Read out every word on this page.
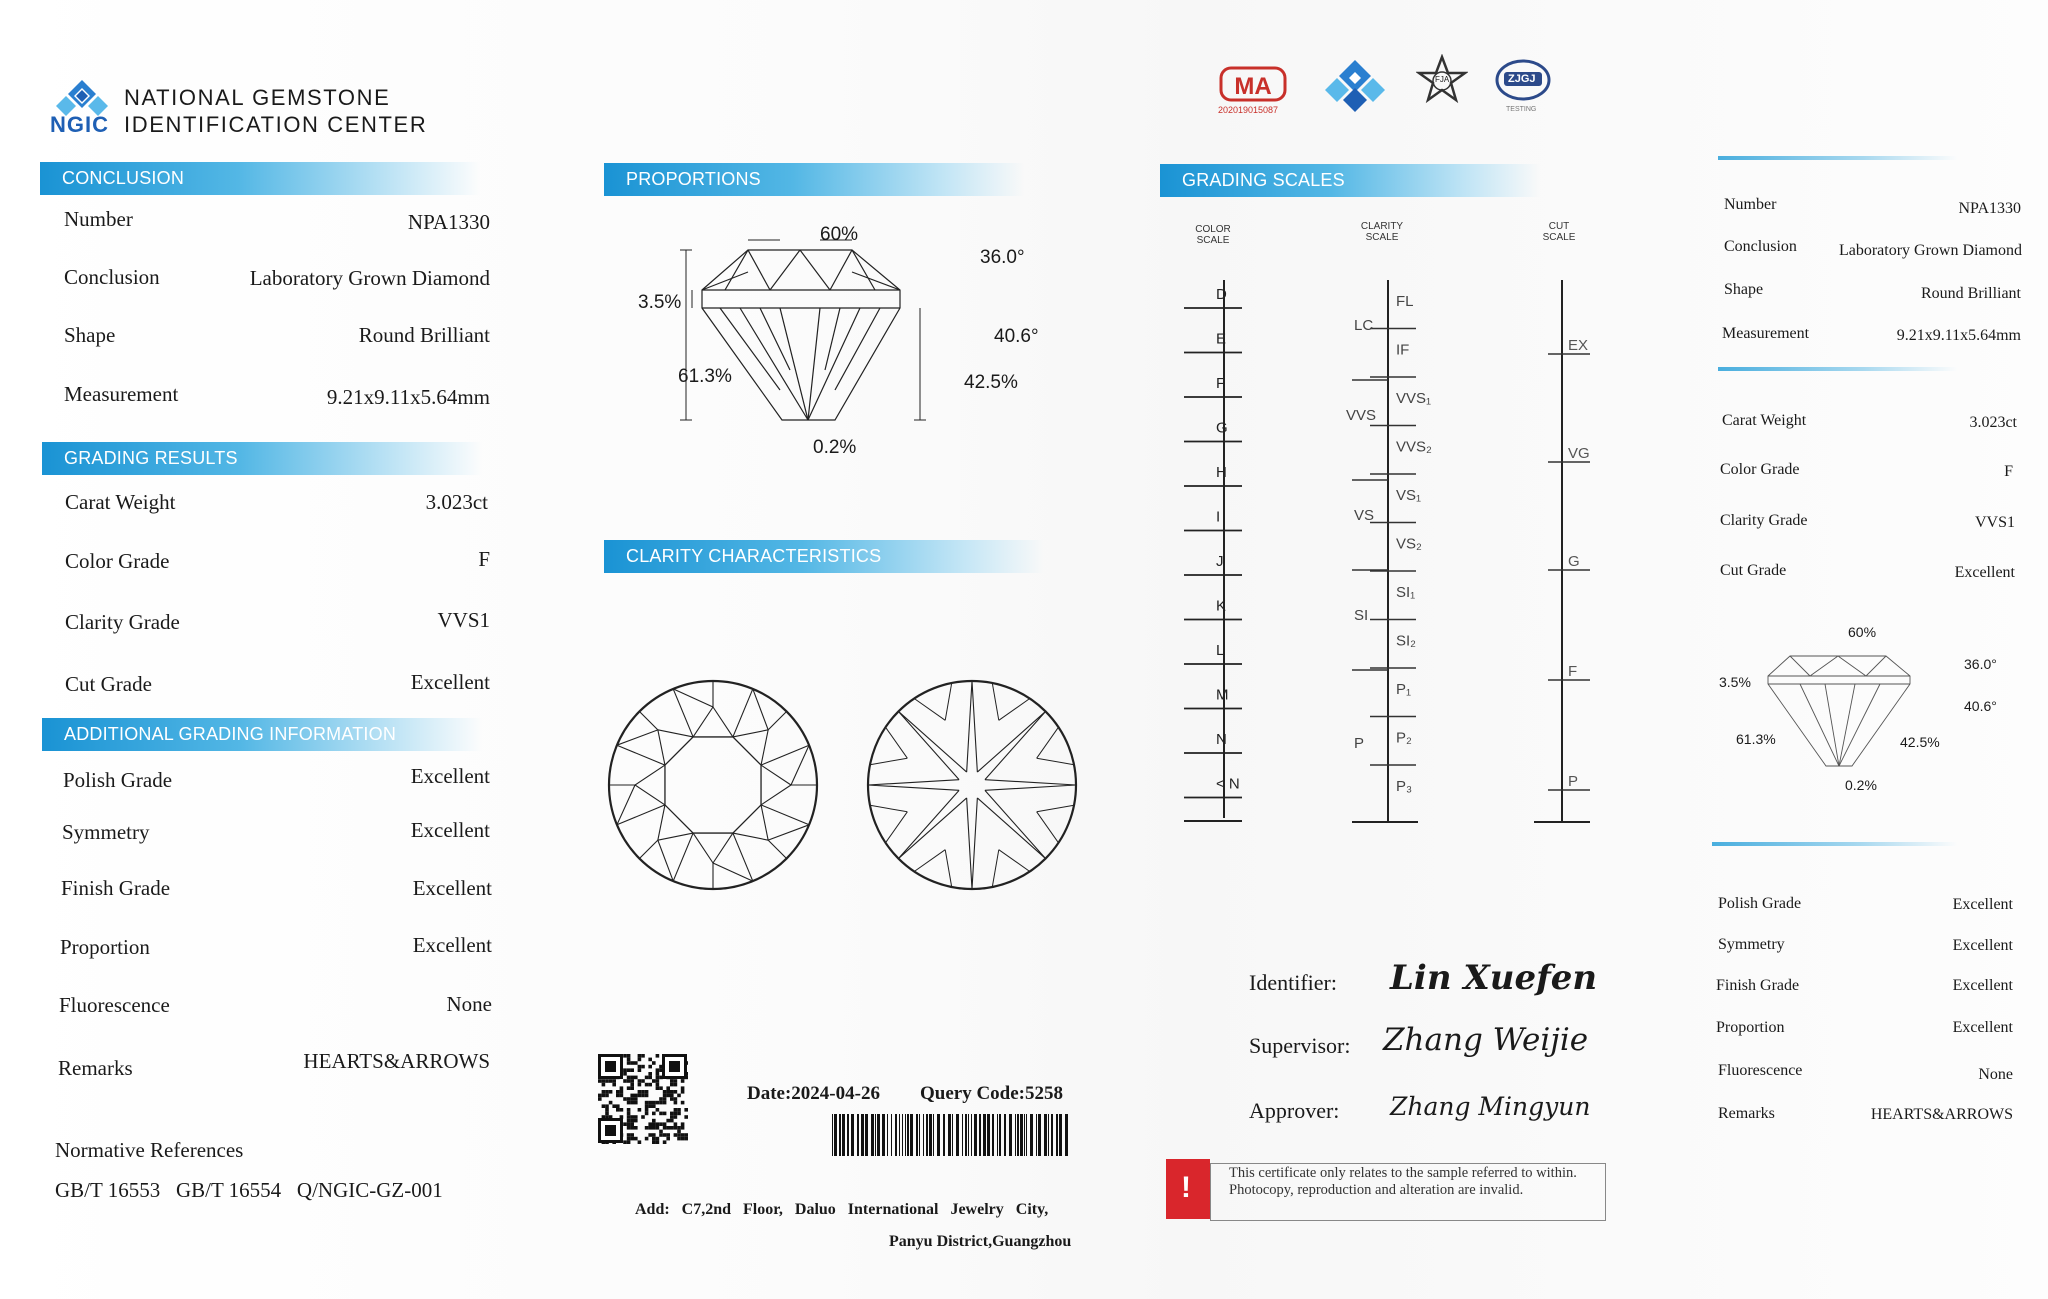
NGIC
NATIONAL GEMSTONE
IDENTIFICATION CENTER
CONCLUSION
Number	NPA1330
Conclusion	Laboratory Grown Diamond
Shape	Round Brilliant
Measurement	9.21x9.11x5.64mm
GRADING RESULTS
Carat Weight	3.023ct
Color Grade	F
Clarity Grade	VVS1
Cut Grade	Excellent
ADDITIONAL GRADING INFORMATION
Polish Grade	Excellent
Symmetry	Excellent
Finish Grade	Excellent
Proportion	Excellent
Fluorescence	None
Remarks	HEARTS&ARROWS
Normative References
GB/T 16553   GB/T 16554   Q/NGIC-GZ-001
PROPORTIONS
60%
36.0°
3.5%
40.6°
61.3%	42.5%
0.2%
CLARITY CHARACTERISTICS
Date:2024-04-26 Query Code:5258
Add: C7,2nd Floor, Daluo International Jewelry City,
Panyu District,Guangzhou
MA
202019015087
FJA	ZJGJ
TESTING
GRADING SCALES
COLOR
SCALE
CLARITY
SCALE
CUT
SCALE
D
E
F
G
H
I
J
K
L
M
N
< N
FL
IF
VVS₁
VVS₂
VS₁
VS₂
SI₁
SI₂
P₁
P₂
P₃
LC
VVS
VS
SI
P
EX
VG
G
F
P
Identifier: Lin Xuefen
Supervisor: Zhang Weijie
Approver: Zhang Mingyun
!	This certificate only relates to the sample referred to within. Photocopy, reproduction and alteration are invalid.
Number	NPA1330
Conclusion	Laboratory Grown Diamond
Shape	Round Brilliant
Measurement	9.21x9.11x5.64mm
Carat Weight	3.023ct
Color Grade	F
Clarity Grade	VVS1
Cut Grade	Excellent
60%
36.0°
3.5%
40.6°
61.3%	42.5%
0.2%
Polish Grade	Excellent
Symmetry	Excellent
Finish Grade	Excellent
Proportion	Excellent
Fluorescence	None
Remarks	HEARTS&ARROWS
